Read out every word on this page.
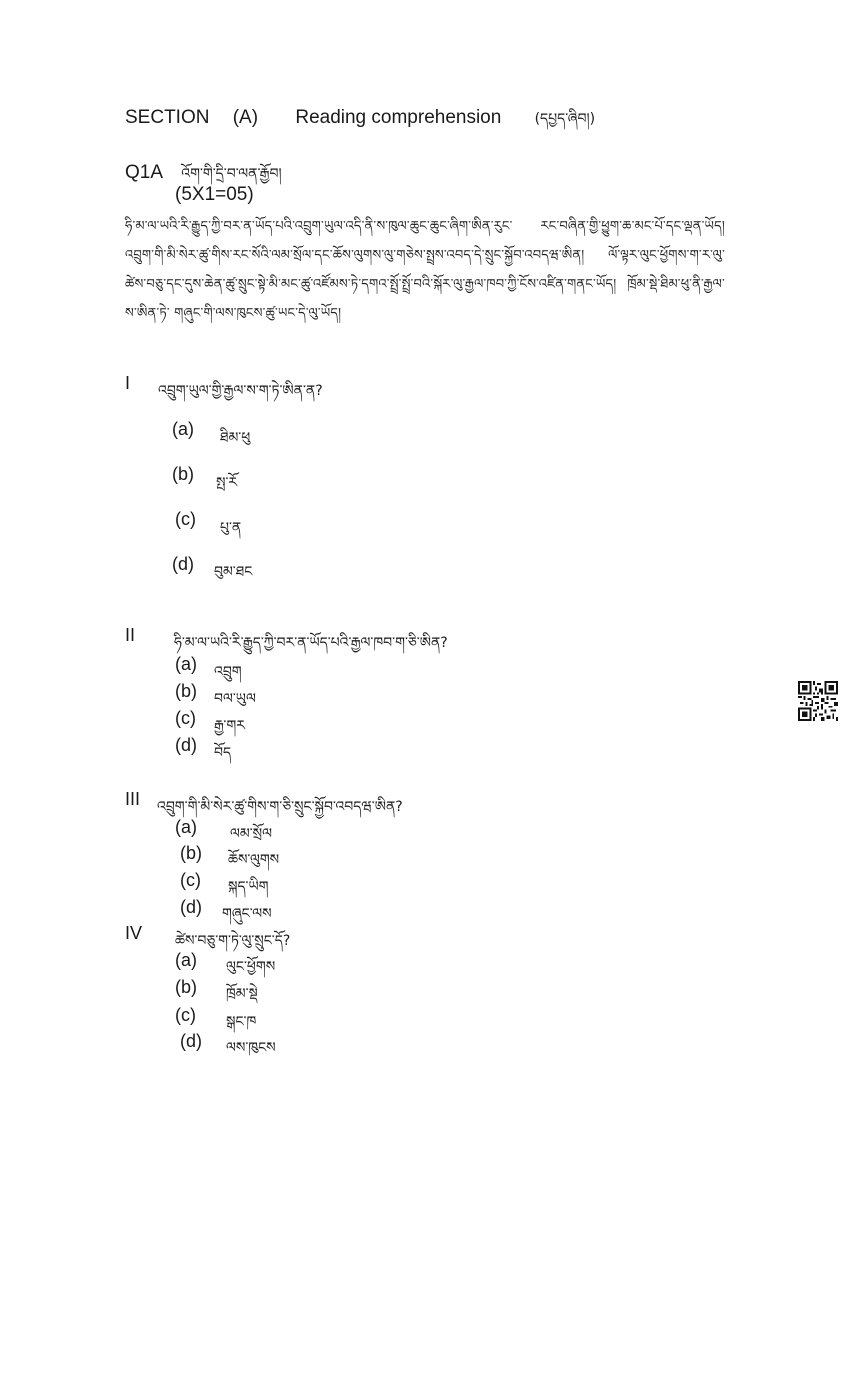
SECTION (A) Reading comprehension (དཔྱད་ཞིབ།)
Q1A འོག་གི་དྲི་བ་ལན་རྒྱོབ།
(5X1=05)
ཧི་མ་ལ་ཡའི་རི་རྒྱུད་ཀྱི་བར་ན་ཡོད་པའི་འབྲུག་ཡུལ་འདི་ནི་ས་ཁུལ་ཆུང་ཆུང་ཞིག་ཨིན་རུང་ རང་བཞིན་གྱི་ཕྱུག་ཆ་མང་པོ་དང་ལྡན་ཡོད། འབྲུག་གི་མི་སེར་ཚུ་གིས་རང་སོའི་ལམ་སྲོལ་དང་ཆོས་ལུགས་ལུ་གཅེས་སྤྲས་འབད་དེ་སྲུང་སྐྱོབ་འབདཝ་ཨིན། ལོ་ལྟར་ལུང་ཕྱོགས་ག་ར་ལུ་ཚེས་བཅུ་དང་དུས་ཆེན་ཚུ་སྲུང་སྟེ་མི་མང་ཚུ་འཛོམས་ཏེ་དགའ་སྤྲོ་སྤྲོ་བའི་སྐོར་ལུ་རྒྱལ་ཁབ་ཀྱི་ངོས་འཛིན་གནང་ཡོད། ཁྲོམ་སྡེ་ཐིམ་ཕུ་ནི་རྒྱལ་ས་ཨིན་ཏེ་ གཞུང་གི་ལས་ཁུངས་ཚུ་ཡང་དེ་ལུ་ཡོད།
I འབྲུག་ཡུལ་གྱི་རྒྱལ་ས་ག་ཏེ་ཨིན་ན?
(a) ཐིམ་ཕུ
(b) སྤ་རོ
(c) པུ་ན
(d) བུམ་ཐང
II	ཧི་མ་ལ་ཡའི་རི་རྒྱུད་ཀྱི་བར་ན་ཡོད་པའི་རྒྱལ་ཁབ་ག་ཅི་ཨིན?
(a) འབྲུག
(b) བལ་ཡུལ
(c) རྒྱ་གར
(d) བོད
III འབྲུག་གི་མི་སེར་ཚུ་གིས་ག་ཅི་སྲུང་སྐྱོབ་འབདཝ་ཨིན?
(a) ལམ་སྲོལ
(b) ཆོས་ལུགས
(c) སྐད་ཡིག
(d) གཞུང་ལས
IV ཚེས་བཅུ་ག་ཏེ་ལུ་སྲུང་དོ?
(a) ལུང་ཕྱོགས
(b) ཁྲོམ་སྡེ
(c) སྒང་ཁ
(d) ལས་ཁུངས
